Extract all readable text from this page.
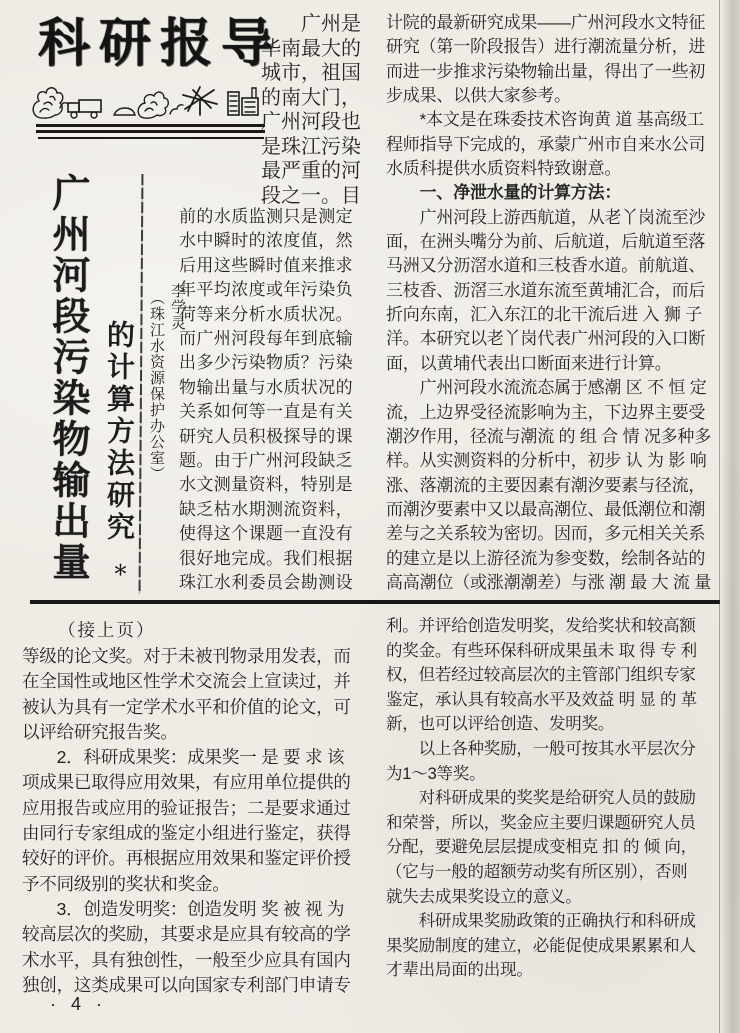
科研报导
广州河段污染物输出量 的计算方法研究 ＊
李学灵 （珠江水资源保护办公室）
　　广州是
华南最大的
城市，祖国
的南大门，
广州河段也
是珠江污染
最严重的河
段之一。目
前的水质监测只是测定
水中瞬时的浓度值，然
后用这些瞬时值来推求
年平均浓度或年污染负
荷等来分析水质状况。
而广州河段每年到底输
出多少污染物质？污染
物输出量与水质状况的
关系如何等一直是有关
研究人员积极探导的课
题。由于广州河段缺乏
水文测量资料，特别是
缺乏枯水期测流资料，
使得这个课题一直没有
很好地完成。我们根据
珠江水利委员会勘测设
计院的最新研究成果——广州河段水文特征
研究（第一阶段报告）进行潮流量分析，进
而进一步推求污染物输出量，得出了一些初
步成果、以供大家参考。
　　*本文是在珠委技术咨询黄 道 基高级工
程师指导下完成的，承蒙广州市自来水公司
水质科提供水质资料特致谢意。
　　一、净泄水量的计算方法：
　　广州河段上游西航道，从老丫岗流至沙
面，在洲头嘴分为前、后航道，后航道至落
马洲又分沥滘水道和三枝香水道。前航道、
三枝香、沥滘三水道东流至黄埔汇合，而后
折向东南，汇入东江的北干流后进 入 狮 子
洋。本研究以老丫岗代表广州河段的入口断
面，以黄埔代表出口断面来进行计算。
　　广州河段水流流态属于感潮 区 不 恒 定
流，上边界受径流影响为主，下边界主要受
潮汐作用，径流与潮流 的 组 合 情 况多种多
样。从实测资料的分析中，初步 认 为 影 响
涨、落潮流的主要因素有潮汐要素与径流，
而潮汐要素中又以最高潮位、最低潮位和潮
差与之关系较为密切。因而，多元相关关系
的建立是以上游径流为参变数，绘制各站的
高高潮位（或涨潮潮差）与涨 潮 最 大 流 量
（接上页）
等级的论文奖。对于未被刊物录用发表，而
在全国性或地区性学术交流会上宣读过，并
被认为具有一定学术水平和价值的论文，可
以评给研究报告奖。
　　2．科研成果奖：成果奖一 是 要 求 该
项成果已取得应用效果，有应用单位提供的
应用报告或应用的验证报告；二是要求通过
由同行专家组成的鉴定小组进行鉴定，获得
较好的评价。再根据应用效果和鉴定评价授
予不同级别的奖状和奖金。
　　3．创造发明奖：创造发明 奖 被 视 为
较高层次的奖励，其要求是应具有较高的学
术水平，具有独创性，一般至少应具有国内
独创，这类成果可以向国家专利部门申请专
利。并评给创造发明奖，发给奖状和较高额
的奖金。有些环保科研成果虽未 取 得 专 利
权，但若经过较高层次的主管部门组织专家
鉴定，承认具有较高水平及效益 明 显 的 革
新，也可以评给创造、发明奖。
　　以上各种奖励，一般可按其水平层次分
为1～3等奖。
　　对科研成果的奖奖是给研究人员的鼓励
和荣誉，所以，奖金应主要归课题研究人员
分配，要避免层层提成变相克 扣 的 倾 向，
（它与一般的超额劳动奖有所区别），否则
就失去成果奖设立的意义。
　　科研成果奖励政策的正确执行和科研成
果奖励制度的建立，必能促使成果累累和人
才辈出局面的出现。
· 4 ·
